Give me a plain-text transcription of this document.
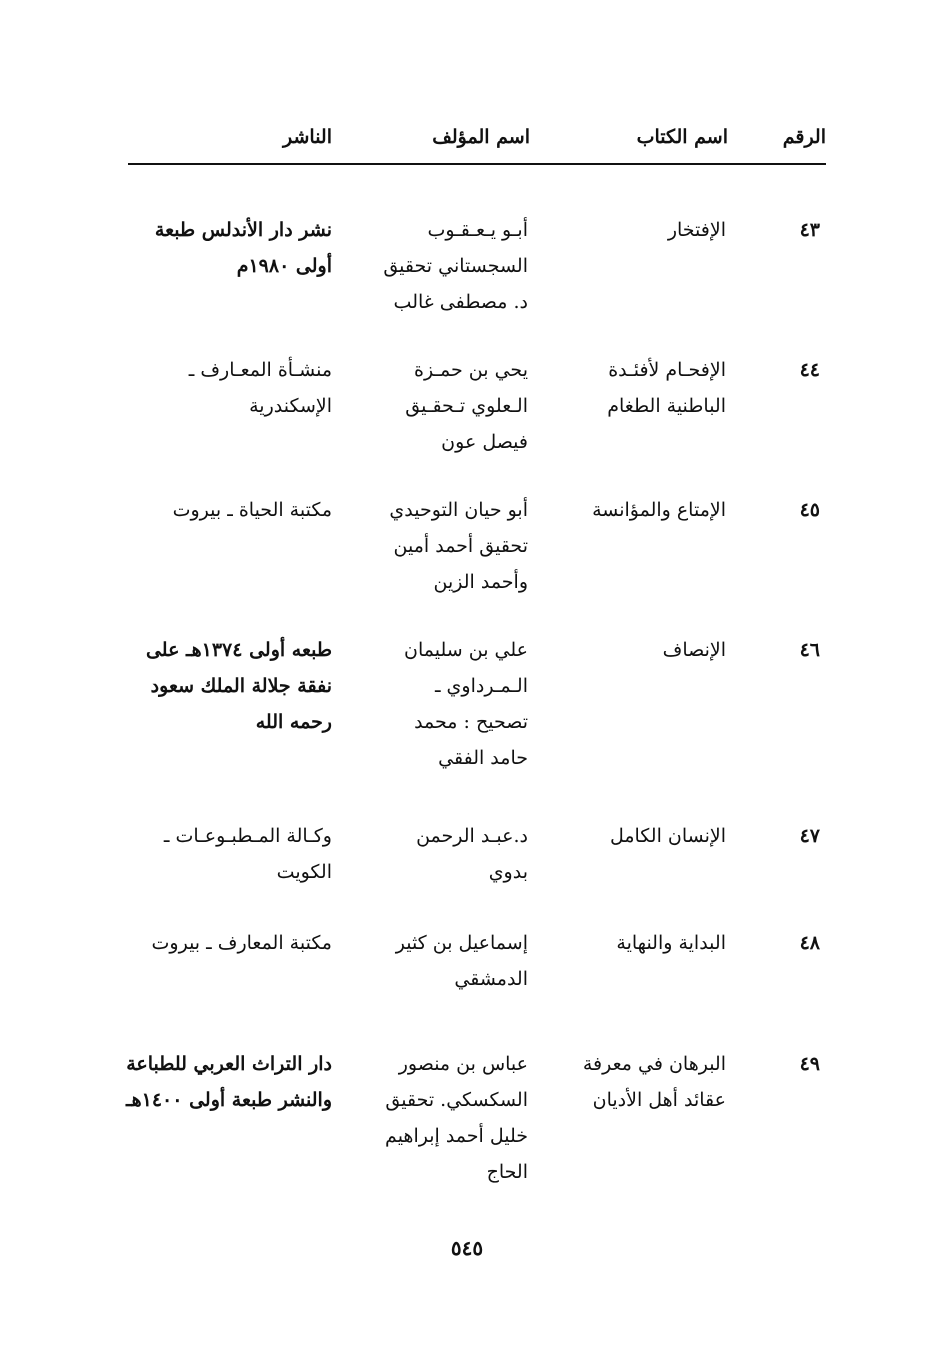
الرقم
اسم الكتاب
اسم المؤلف
الناشر
٤٣
الإفتخار
أبـو يـعـقـوب
السجستاني تحقيق
د. مصطفى غالب
نشر دار الأندلس طبعة
أولى ١٩٨٠م
٤٤
الإفحـام لأفئـدة
الباطنية الطغام
يحي بن حمـزة
الـعلوي تـحقـيق
فيصل عون
منشـأة المعـارف ـ
الإسكندرية
٤٥
الإمتاع والمؤانسة
أبو حيان التوحيدي
تحقيق أحمد أمين
وأحمد الزين
مكتبة الحياة ـ بيروت
٤٦
الإنصاف
علي بن سليمان
الـمـرداوي ـ
تصحيح : محمد
حامد الفقي
طبعه أولى ١٣٧٤هـ على
نفقة جلالة الملك سعود
رحمه الله
٤٧
الإنسان الكامل
د.عبـد الرحمن
بدوي
وكـالة المـطبـوعـات ـ
الكويت
٤٨
البداية والنهاية
إسماعيل بن كثير
الدمشقي
مكتبة المعارف ـ بيروت
٤٩
البرهان في معرفة
عقائد أهل الأديان
عباس بن منصور
السكسكي. تحقيق
خليل أحمد إبراهيم
الحاج
دار التراث العربي للطباعة
والنشر طبعة أولى ١٤٠٠هـ
٥٤٥
